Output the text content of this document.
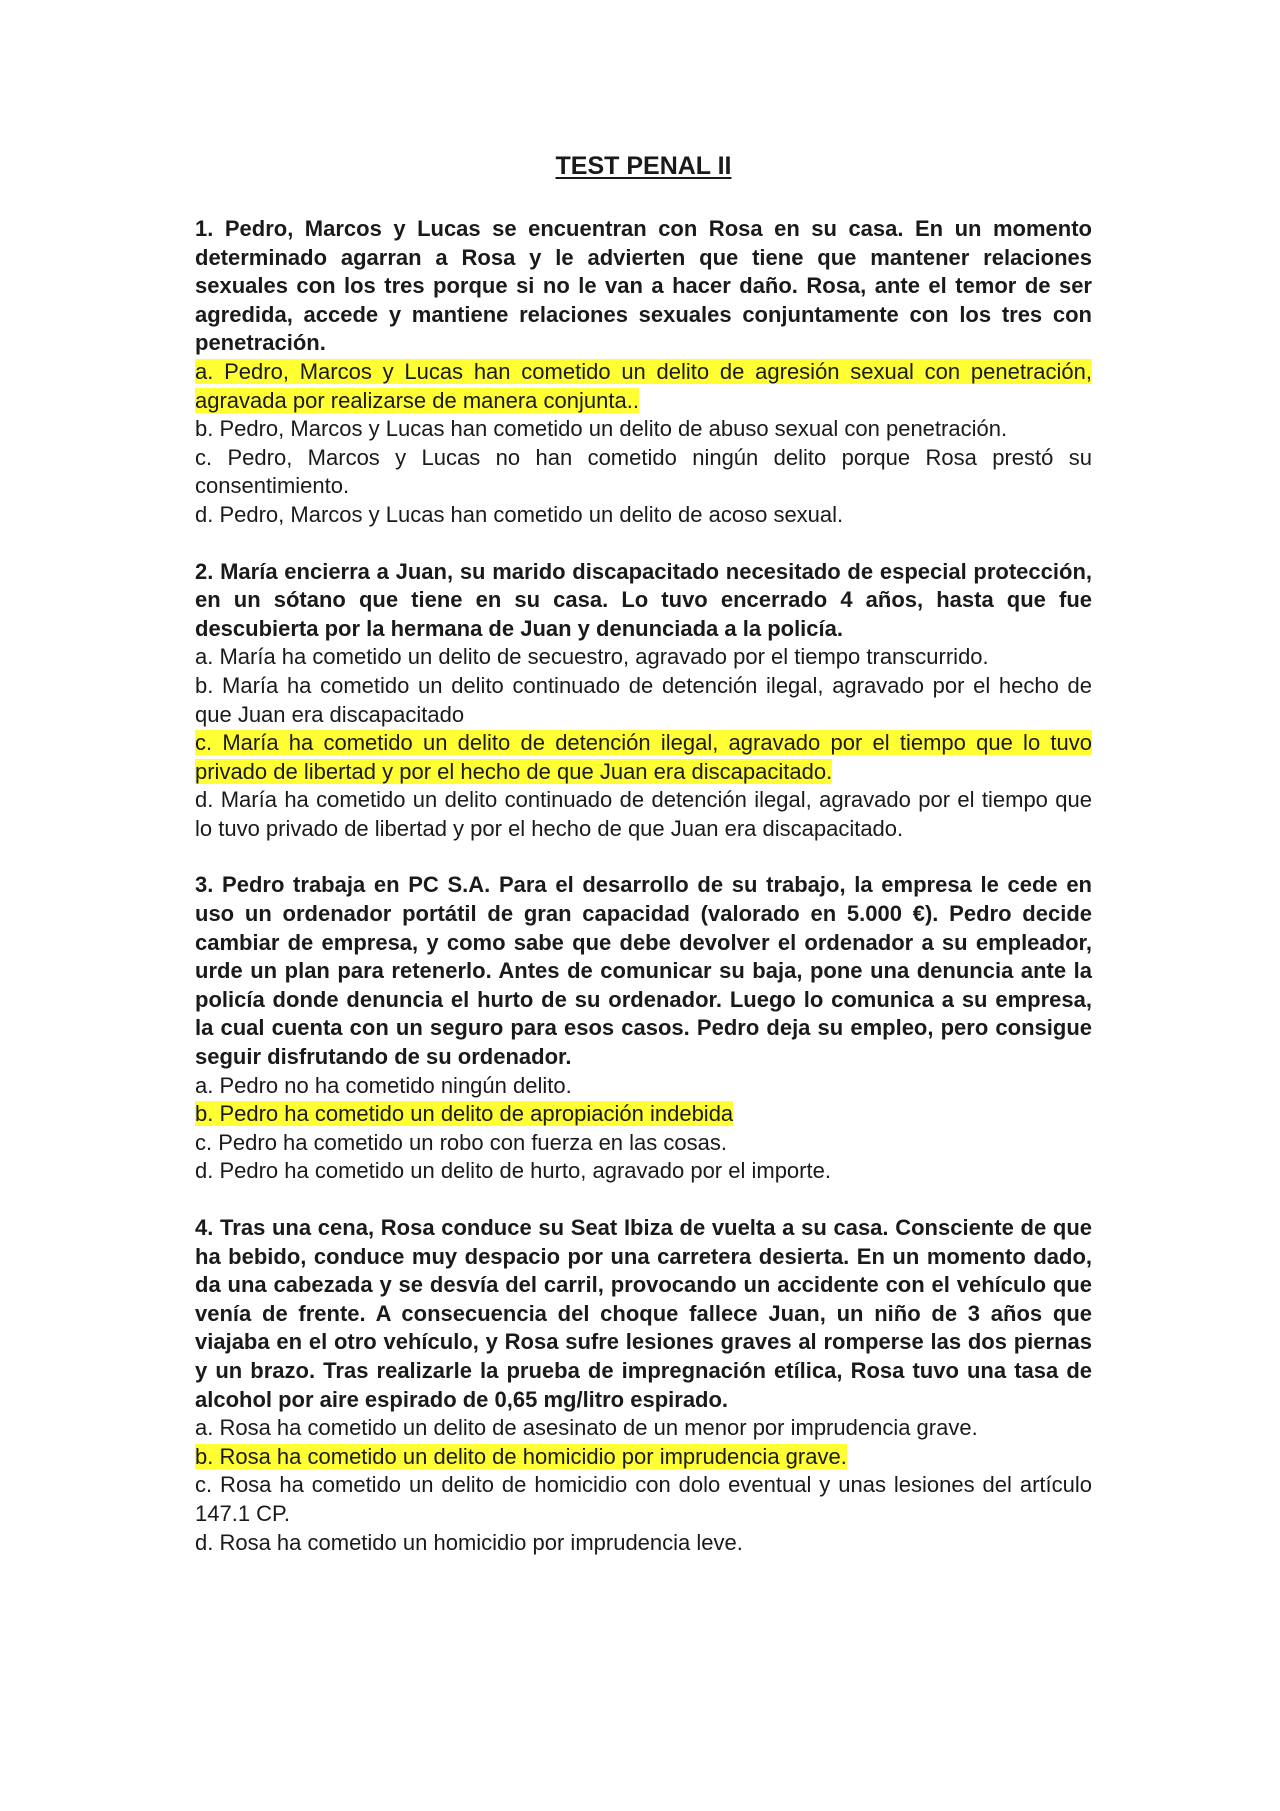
TEST PENAL II

1. Pedro, Marcos y Lucas se encuentran con Rosa en su casa. En un momento determinado agarran a Rosa y le advierten que tiene que mantener relaciones sexuales con los tres porque si no le van a hacer daño. Rosa, ante el temor de ser agredida, accede y mantiene relaciones sexuales conjuntamente con los tres con penetración.

a. Pedro, Marcos y Lucas han cometido un delito de agresión sexual con penetración, agravada por realizarse de manera conjunta..

b. Pedro, Marcos y Lucas han cometido un delito de abuso sexual con penetración.

c. Pedro, Marcos y Lucas no han cometido ningún delito porque Rosa prestó su consentimiento.

d. Pedro, Marcos y Lucas han cometido un delito de acoso sexual.

2. María encierra a Juan, su marido discapacitado necesitado de especial protección, en un sótano que tiene en su casa. Lo tuvo encerrado 4 años, hasta que fue descubierta por la hermana de Juan y denunciada a la policía.

a. María ha cometido un delito de secuestro, agravado por el tiempo transcurrido.

b. María ha cometido un delito continuado de detención ilegal, agravado por el hecho de que Juan era discapacitado

c. María ha cometido un delito de detención ilegal, agravado por el tiempo que lo tuvo privado de libertad y por el hecho de que Juan era discapacitado.

d. María ha cometido un delito continuado de detención ilegal, agravado por el tiempo que lo tuvo privado de libertad y por el hecho de que Juan era discapacitado.

3. Pedro trabaja en PC S.A. Para el desarrollo de su trabajo, la empresa le cede en uso un ordenador portátil de gran capacidad (valorado en 5.000 €). Pedro decide cambiar de empresa, y como sabe que debe devolver el ordenador a su empleador, urde un plan para retenerlo. Antes de comunicar su baja, pone una denuncia ante la policía donde denuncia el hurto de su ordenador. Luego lo comunica a su empresa, la cual cuenta con un seguro para esos casos. Pedro deja su empleo, pero consigue seguir disfrutando de su ordenador.

a. Pedro no ha cometido ningún delito.

b. Pedro ha cometido un delito de apropiación indebida

c. Pedro ha cometido un robo con fuerza en las cosas.

d. Pedro ha cometido un delito de hurto, agravado por el importe.

4. Tras una cena, Rosa conduce su Seat Ibiza de vuelta a su casa. Consciente de que ha bebido, conduce muy despacio por una carretera desierta. En un momento dado, da una cabezada y se desvía del carril, provocando un accidente con el vehículo que venía de frente. A consecuencia del choque fallece Juan, un niño de 3 años que viajaba en el otro vehículo, y Rosa sufre lesiones graves al romperse las dos piernas y un brazo. Tras realizarle la prueba de impregnación etílica, Rosa tuvo una tasa de alcohol por aire espirado de 0,65 mg/litro espirado.

a. Rosa ha cometido un delito de asesinato de un menor por imprudencia grave.

b. Rosa ha cometido un delito de homicidio por imprudencia grave.

c. Rosa ha cometido un delito de homicidio con dolo eventual y unas lesiones del artículo 147.1 CP.

d. Rosa ha cometido un homicidio por imprudencia leve.
